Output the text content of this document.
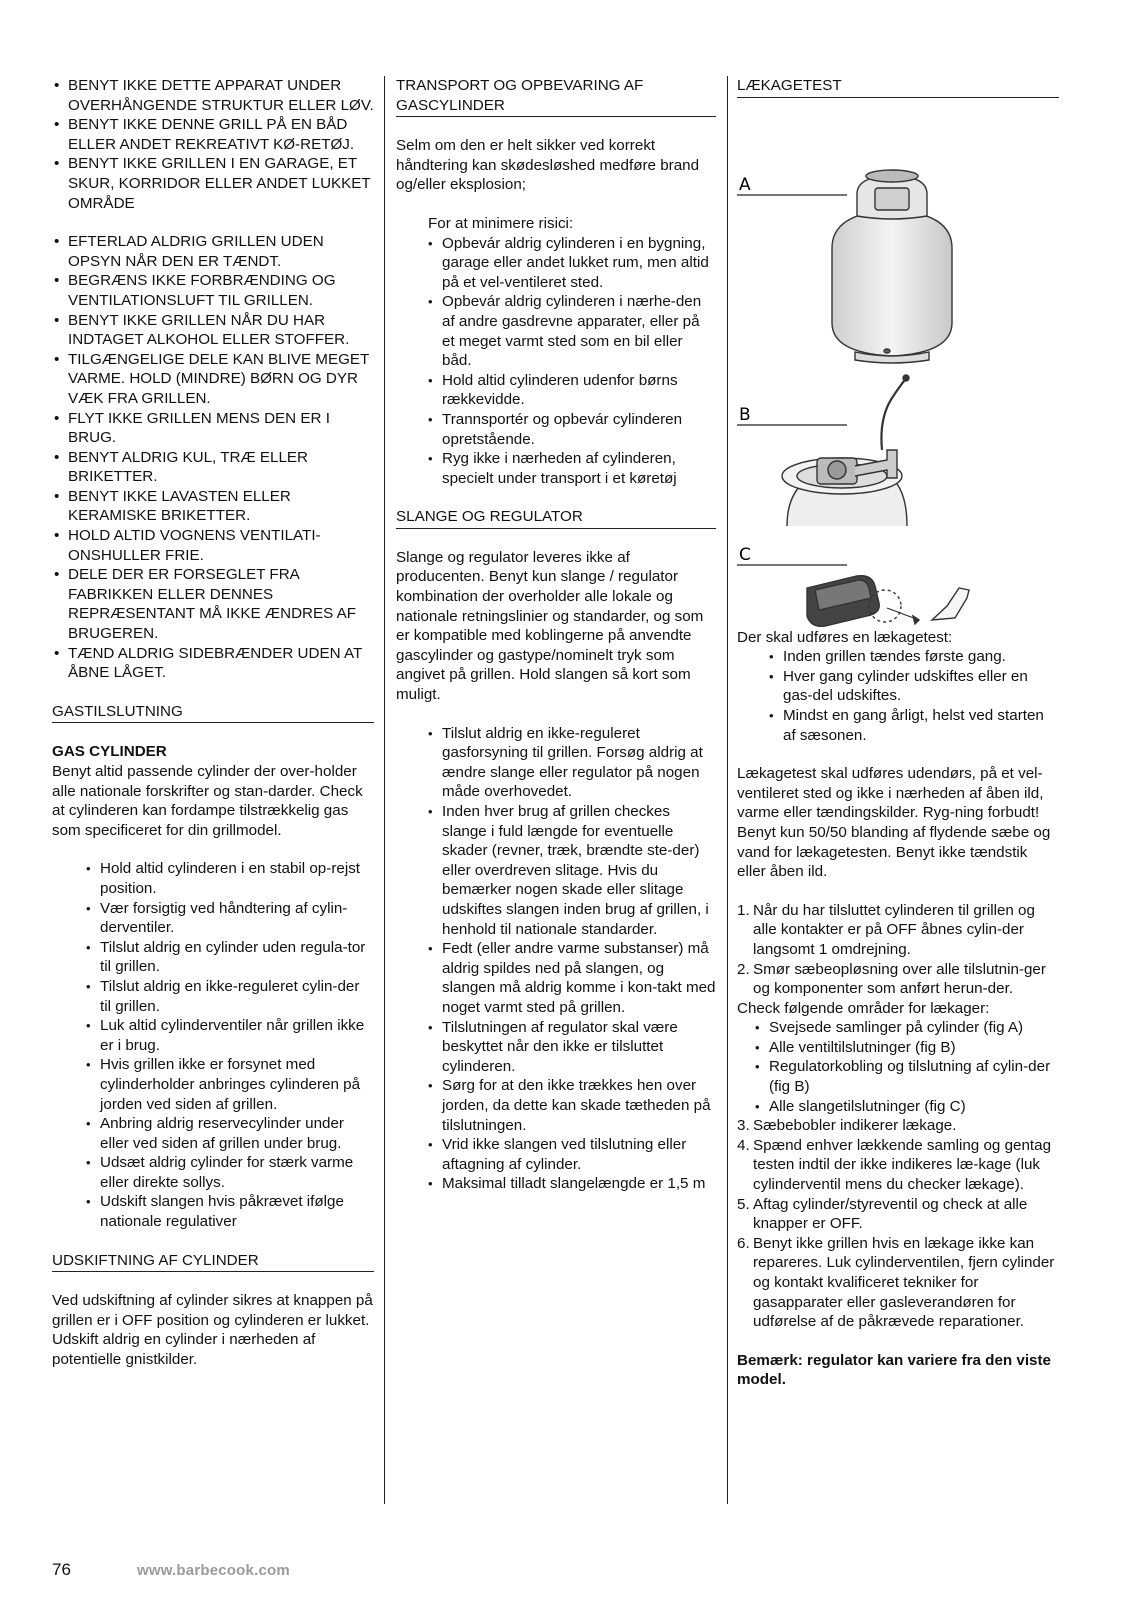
• BENYT IKKE DETTE APPARAT UNDER OVERHÅNGENDE STRUKTUR ELLER LØV.
• BENYT IKKE DENNE GRILL PÅ EN BÅD ELLER ANDET REKREATIVT KØ-RETØJ.
• BENYT IKKE GRILLEN I EN GARAGE, ET SKUR, KORRIDOR ELLER ANDET LUKKET OMRÅDE
• EFTERLAD ALDRIG GRILLEN UDEN OPSYN NÅR DEN ER TÆNDT.
• BEGRÆNS IKKE FORBRÆNDING OG VENTILATIONSLUFT TIL GRILLEN.
• BENYT IKKE GRILLEN NÅR DU HAR INDTAGET ALKOHOL ELLER STOFFER.
• TILGÆNGELIGE DELE KAN BLIVE MEGET VARME. HOLD (MINDRE) BØRN OG DYR VÆK FRA GRILLEN.
• FLYT IKKE GRILLEN MENS DEN ER I BRUG.
• BENYT ALDRIG KUL, TRÆ ELLER BRIKETTER.
• BENYT IKKE LAVASTEN ELLER KERAMISKE BRIKETTER.
• HOLD ALTID VOGNENS VENTILATI-ONSHULLER FRIE.
• DELE DER ER FORSEGLET FRA FABRIKKEN ELLER DENNES REPRÆSENTANT MÅ IKKE ÆNDRES AF BRUGEREN.
• TÆND ALDRIG SIDEBRÆNDER UDEN AT ÅBNE LÅGET.
GASTILSLUTNING

GAS CYLINDER

Benyt altid passende cylinder der over-holder alle nationale forskrifter og stan-darder. Check at cylinderen kan fordampe tilstrækkelig gas som specificeret for din grillmodel.

• Hold altid cylinderen i en stabil op-rejst position.
• Vær forsigtig ved håndtering af cylin-derventiler.
• Tilslut aldrig en cylinder uden regula-tor til grillen.
• Tilslut aldrig en ikke-reguleret cylin-der til grillen.
• Luk altid cylinderventiler når grillen ikke er i brug.
• Hvis grillen ikke er forsynet med cylinderholder anbringes cylinderen på jorden ved siden af grillen.
• Anbring aldrig reservecylinder under eller ved siden af grillen under brug.
• Udsæt aldrig cylinder for stærk varme eller direkte sollys.
• Udskift slangen hvis påkrævet ifølge nationale regulativer
UDSKIFTNING AF CYLINDER

Ved udskiftning af cylinder sikres at knappen på grillen er i OFF position og cylinderen er lukket. Udskift aldrig en cylinder i nærheden af potentielle gnistkilder.

TRANSPORT OG OPBEVARING AF GASCYLINDER

Selm om den er helt sikker ved korrekt håndtering kan skødesløshed medføre brand og/eller eksplosion;

For at minimere risici:

• Opbevár aldrig cylinderen i en bygning, garage eller andet lukket rum, men altid på et vel-ventileret sted.
• Opbevár aldrig cylinderen i nærhe-den af andre gasdrevne apparater, eller på et meget varmt sted som en bil eller båd.
• Hold altid cylinderen udenfor børns rækkevidde.
• Trannsportér og opbevár cylinderen opretstående.
• Ryg ikke i nærheden af cylinderen, specielt under transport i et køretøj
SLANGE OG REGULATOR

Slange og regulator leveres ikke af producenten. Benyt kun slange / regulator kombination der overholder alle lokale og nationale retningslinier og standarder, og som er kompatible med koblingerne på anvendte gascylinder og gastype/nominelt tryk som angivet på grillen. Hold slangen så kort som muligt.

• Tilslut aldrig en ikke-reguleret gasforsyning til grillen. Forsøg aldrig at ændre slange eller regulator på nogen måde overhovedet.
• Inden hver brug af grillen checkes slange i fuld længde for eventuelle skader (revner, træk, brændte ste-der) eller overdreven slitage. Hvis du bemærker nogen skade eller slitage udskiftes slangen inden brug af grillen, i henhold til nationale standarder.
• Fedt (eller andre varme substanser) må aldrig spildes ned på slangen, og slangen må aldrig komme i kon-takt med noget varmt sted på grillen.
• Tilslutningen af regulator skal være beskyttet når den ikke er tilsluttet cylinderen.
• Sørg for at den ikke trækkes hen over jorden, da dette kan skade tætheden på tilslutningen.
• Vrid ikke slangen ved tilslutning eller aftagning af cylinder.
• Maksimal tilladt slangelængde er 1,5 m
LÆKAGETEST
A
B
C

Der skal udføres en lækagetest:

• Inden grillen tændes første gang.
• Hver gang cylinder udskiftes eller en gas-del udskiftes.
• Mindst en gang årligt, helst ved starten af sæsonen.

Lækagetest skal udføres udendørs, på et vel-ventileret sted og ikke i nærheden af åben ild, varme eller tændingskilder. Ryg-ning forbudt! Benyt kun 50/50 blanding af flydende sæbe og vand for lækagetesten. Benyt ikke tændstik eller åben ild.

1. Når du har tilsluttet cylinderen til grillen og alle kontakter er på OFF åbnes cylin-der langsomt 1 omdrejning.
2. Smør sæbeopløsning over alle tilslutnin-ger og komponenter som anført herun-der.

Check følgende områder for lækager:

• Svejsede samlinger på cylinder (fig A)
• Alle ventiltilslutninger (fig B)
• Regulatorkobling og tilslutning af cylin-der (fig B)
• Alle slangetilslutninger (fig C)
3. Sæbebobler indikerer lækage.
4. Spænd enhver lækkende samling og gentag testen indtil der ikke indikeres læ-kage (luk cylinderventil mens du checker lækage).
5. Aftag cylinder/styreventil og check at alle knapper er OFF.
6. Benyt ikke grillen hvis en lækage ikke kan repareres. Luk cylinderventilen, fjern cylinder og kontakt kvalificeret tekniker for gasapparater eller gasleverandøren for udførelse af de påkrævede reparationer.

Bemærk: regulator kan variere fra den viste model.

76	www.barbecook.com
